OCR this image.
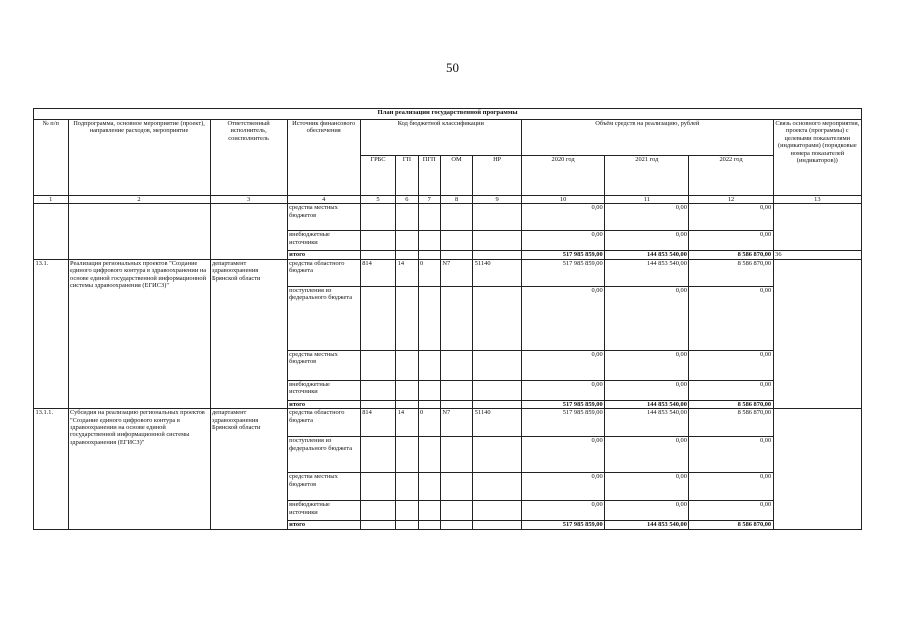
50
План реализации государственной программы												
№ п/п	Подпрограмма, основное мероприятие (проект), направление расходов, мероприятие	Ответственный исполнитель, соисполнитель	Источник финансового обеспечения	Код бюджетной классификации					Объём средств на реализацию, рублей			Связь основного мероприятия, проекта (программы) с целевыми показателями (индикаторами) (порядковые номера показателей (индикаторов))
				ГРБС	ГП	ПГП	ОМ	НР	2020 год	2021 год	2022 год	
1	2	3	4	5	6	7	8	9	10	11	12	13
			средства местных бюджетов						0,00	0,00	0,00	
			внебюджетные источники						0,00	0,00	0,00	
			итого						517 985 859,00	144 853 540,00	8 586 870,00	36
13.1.	Реализация региональных проектов "Создание единого цифрового контура в здравоохранении на основе единой государственной информационной системы здравоохранения (ЕГИСЗ)"	департамент здравоохранения Брянской области	средства областного бюджета	814	14	0	N7	51140	517 985 859,00	144 853 540,00	8 586 870,00	
			поступления из федерального бюджета						0,00	0,00	0,00	
			средства местных бюджетов						0,00	0,00	0,00	
			внебюджетные источники						0,00	0,00	0,00	
			итого						517 985 859,00	144 853 540,00	8 586 870,00	
13.1.1.	Субсидия на реализацию региональных проектов "Создание единого цифрового контура в здравоохранении на основе единой государственной информационной системы здравоохранения (ЕГИСЗ)"	департамент здравоохранения Брянской области	средства областного бюджета	814	14	0	N7	51140	517 985 859,00	144 853 540,00	8 586 870,00	
			поступления из федерального бюджета						0,00	0,00	0,00	
			средства местных бюджетов						0,00	0,00	0,00	
			внебюджетные источники						0,00	0,00	0,00	
			итого						517 985 859,00	144 853 540,00	8 586 870,00	
